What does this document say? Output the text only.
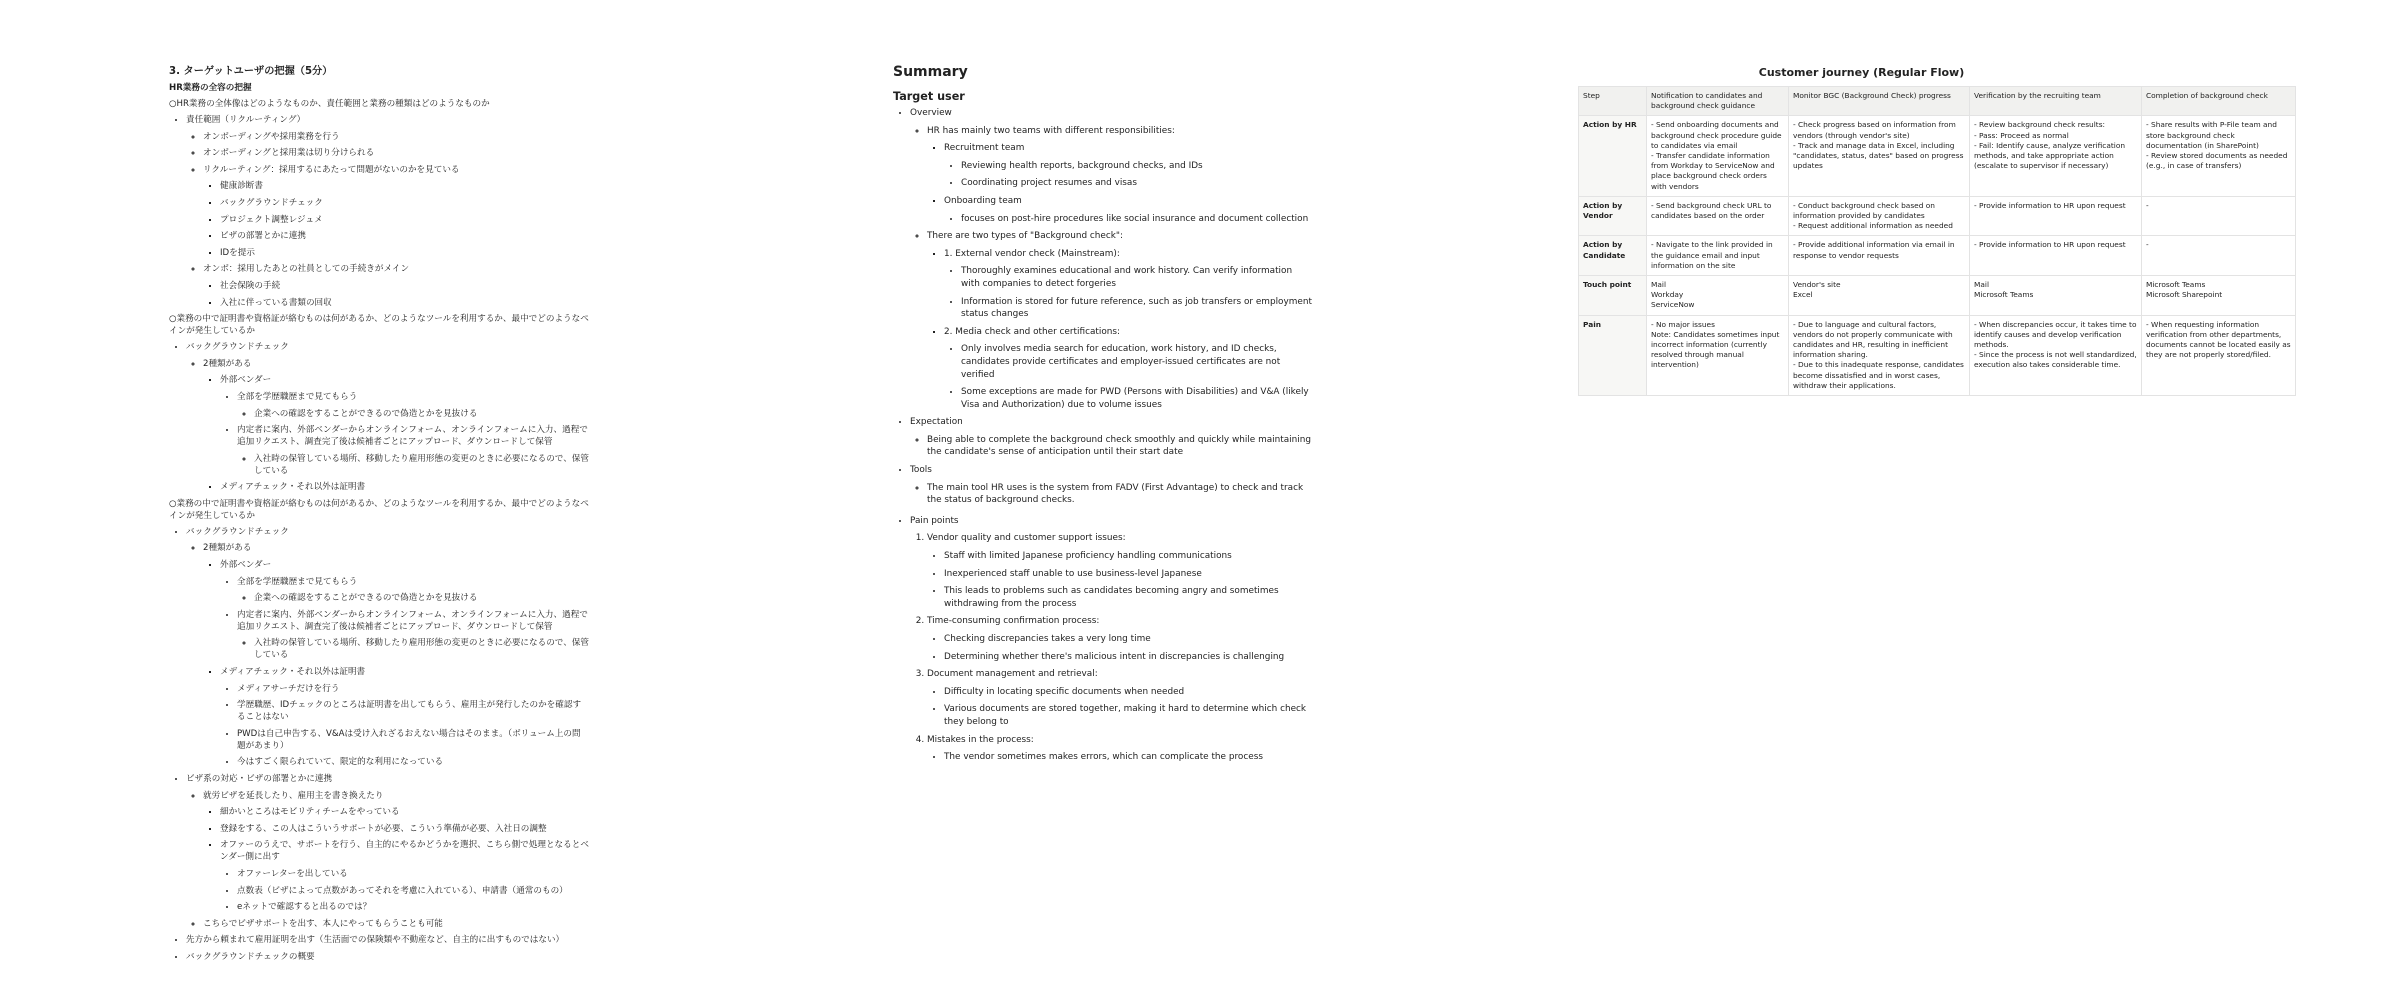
3. ターゲットユーザの把握（5分）
HR業務の全容の把握
○HR業務の全体像はどのようなものか、責任範囲と業務の種類はどのようなものか
• 責任範囲（リクルーティング）
◦ オンボーディングや採用業務を行う
◦ オンボーディングと採用業は切り分けられる
◦ リクルーティング：採用するにあたって問題がないのかを見ている
▪ 健康診断書
▪ バックグラウンドチェック
▪ プロジェクト調整レジュメ
▪ ビザの部署とかに連携
▪ IDを提示
◦ オンボ：採用したあとの社員としての手続きがメイン
▪ 社会保険の手続
▪ 入社に伴っている書類の回収
○業務の中で証明書や資格証が絡むものは何があるか、どのようなツールを利用するか、最中でどのようなペインが発生しているか
• バックグラウンドチェック
◦ 2種類がある
▪ 外部ベンダー
• 全部を学歴職歴まで見てもらう
◦ 企業への確認をすることができるので偽造とかを見抜ける
• 内定者に案内、外部ベンダーからオンラインフォーム、オンラインフォームに入力、過程で追加リクエスト、調査完了後は候補者ごとにアップロード、ダウンロードして保管
◦ 入社時の保管している場所、移動したり雇用形態の変更のときに必要になるので、保管している
▪ メディアチェック・それ以外は証明書
○業務の中で証明書や資格証が絡むものは何があるか、どのようなツールを利用するか、最中でどのようなペインが発生しているか
• バックグラウンドチェック
◦ 2種類がある
▪ 外部ベンダー
• 全部を学歴職歴まで見てもらう
◦ 企業への確認をすることができるので偽造とかを見抜ける
• 内定者に案内、外部ベンダーからオンラインフォーム、オンラインフォームに入力、過程で追加リクエスト、調査完了後は候補者ごとにアップロード、ダウンロードして保管
◦ 入社時の保管している場所、移動したり雇用形態の変更のときに必要になるので、保管している
▪ メディアチェック・それ以外は証明書
• メディアサーチだけを行う
• 学歴職歴、IDチェックのところは証明書を出してもらう、雇用主が発行したのかを確認することはない
• PWDは自己申告する、V&Aは受け入れざるおえない場合はそのまま。（ボリューム上の問題があまり）
• 今はすごく限られていて、限定的な利用になっている
• ビザ系の対応・ビザの部署とかに連携
◦ 就労ビザを延長したり、雇用主を書き換えたり
▪ 細かいところはモビリティチームをやっている
▪ 登録をする、この人はこういうサポートが必要、こういう準備が必要、入社日の調整
▪ オファーのうえで、サポートを行う、自主的にやるかどうかを選択、こちら側で処理となるとベンダー側に出す
• オファーレターを出している
• 点数表（ビザによって点数があってそれを考慮に入れている）、申請書（通常のもの）
• eネットで確認すると出るのでは？
◦ こちらでビザサポートを出す、本人にやってもらうことも可能
• 先方から頼まれて雇用証明を出す（生活面での保険類や不動産など、自主的に出すものではない）
• バックグラウンドチェックの概要
Summary
Target user
• Overview
◦ HR has mainly two teams with different responsibilities:
▪ Recruitment team
• Reviewing health reports, background checks, and IDs
• Coordinating project resumes and visas
▪ Onboarding team
• focuses on post-hire procedures like social insurance and document collection
◦ There are two types of "Background check":
▪ 1. External vendor check (Mainstream):
• Thoroughly examines educational and work history. Can verify information with companies to detect forgeries
• Information is stored for future reference, such as job transfers or employment status changes
▪ 2. Media check and other certifications:
• Only involves media search for education, work history, and ID checks, candidates provide certificates and employer-issued certificates are not verified
• Some exceptions are made for PWD (Persons with Disabilities) and V&A (likely Visa and Authorization) due to volume issues
• Expectation
◦ Being able to complete the background check smoothly and quickly while maintaining the candidate's sense of anticipation until their start date
• Tools
◦ The main tool HR uses is the system from FADV (First Advantage) to check and track the status of background checks.
• Pain points
1. Vendor quality and customer support issues:
• Staff with limited Japanese proficiency handling communications
• Inexperienced staff unable to use business-level Japanese
• This leads to problems such as candidates becoming angry and sometimes withdrawing from the process
2. Time-consuming confirmation process:
• Checking discrepancies takes a very long time
• Determining whether there's malicious intent in discrepancies is challenging
3. Document management and retrieval:
• Difficulty in locating specific documents when needed
• Various documents are stored together, making it hard to determine which check they belong to
4. Mistakes in the process:
• The vendor sometimes makes errors, which can complicate the process
Customer journey (Regular Flow)
Step	Notification to candidates and background check guidance	Monitor BGC (Background Check) progress	Verification by the recruiting team	Completion of background check
Action by HR	- Send onboarding documents and background check procedure guide to candidates via email
- Transfer candidate information from Workday to ServiceNow and place background check orders with vendors	- Check progress based on information from vendors (through vendor's site)
- Track and manage data in Excel, including "candidates, status, dates" based on progress updates	- Review background check results:
- Pass: Proceed as normal
- Fail: Identify cause, analyze verification methods, and take appropriate action (escalate to supervisor if necessary)	- Share results with P-File team and store background check documentation (in SharePoint)
- Review stored documents as needed (e.g., in case of transfers)

Action by Vendor	- Send background check URL to candidates based on the order	- Conduct background check based on information provided by candidates
- Request additional information as needed	- Provide information to HR upon request	-

Action by Candidate	- Navigate to the link provided in the guidance email and input information on the site	- Provide additional information via email in response to vendor requests	- Provide information to HR upon request	-

Touch point	Mail
Workday
ServiceNow	Vendor's site
Excel	Mail
Microsoft Teams	Microsoft Teams
Microsoft Sharepoint

Pain	- No major issues
Note: Candidates sometimes input incorrect information (currently resolved through manual intervention)	- Due to language and cultural factors, vendors do not properly communicate with candidates and HR, resulting in inefficient information sharing.
- Due to this inadequate response, candidates become dissatisfied and in worst cases, withdraw their applications.	- When discrepancies occur, it takes time to identify causes and develop verification methods.
- Since the process is not well standardized, execution also takes considerable time.	- When requesting information verification from other departments, documents cannot be located easily as they are not properly stored/filed.
